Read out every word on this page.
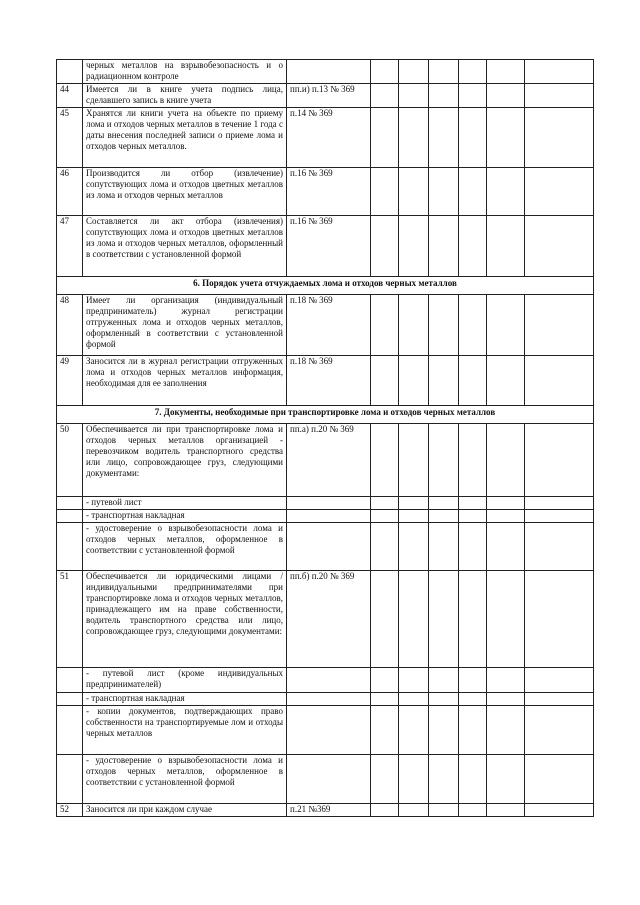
	черных металлов на взрывобезопасность и о радиационном контроле							
44	Имеется ли в книге учета подпись лица, сделавшего запись в книге учета	пп.и) п.13 № 369						
45	Хранятся ли книги учета на объекте по приему лома и отходов черных металлов в течение 1 года с даты внесения последней записи о приеме лома и отходов черных металлов.	п.14 № 369						
46	Производится ли отбор (извлечение) сопутствующих лома и отходов цветных металлов из лома и отходов черных металлов	п.16 № 369						
47	Составляется ли акт отбора (извлечения) сопутствующих лома и отходов цветных металлов из лома и отходов черных металлов, оформленный в соответствии с установленной формой	п.16 № 369						
6. Порядок учета отчуждаемых лома и отходов черных металлов								
48	Имеет ли организация (индивидуальный предприниматель) журнал регистрации отгруженных лома и отходов черных металлов, оформленный в соответствии с установленной формой	п.18 № 369						
49	Заносится ли в журнал регистрации отгруженных лома и отходов черных металлов информация, необходимая для ее заполнения	п.18 № 369						
7. Документы, необходимые при транспортировке лома и отходов черных металлов								
50	Обеспечивается ли при транспортировке лома и отходов черных металлов организацией - перевозчиком водитель транспортного средства или лицо, сопровождающее груз, следующими документами:	пп.а) п.20 № 369						
	- путевой лист							
	- транспортная накладная							
	- удостоверение о взрывобезопасности лома и отходов черных металлов, оформленное в соответствии с установленной формой							
51	Обеспечивается ли юридическими лицами / индивидуальными предпринимателями при транспортировке лома и отходов черных металлов, принадлежащего им на праве собственности, водитель транспортного средства или лицо, сопровождающее груз, следующими документами:	пп.б) п.20 № 369						
	- путевой лист (кроме индивидуальных предпринимателей)							
	- транспортная накладная							
	- копии документов, подтверждающих право собственности на транспортируемые лом и отходы черных металлов							
	- удостоверение о взрывобезопасности лома и отходов черных металлов, оформленное в соответствии с установленной формой							
52	Заносится ли при каждом случае	п.21 №369						
